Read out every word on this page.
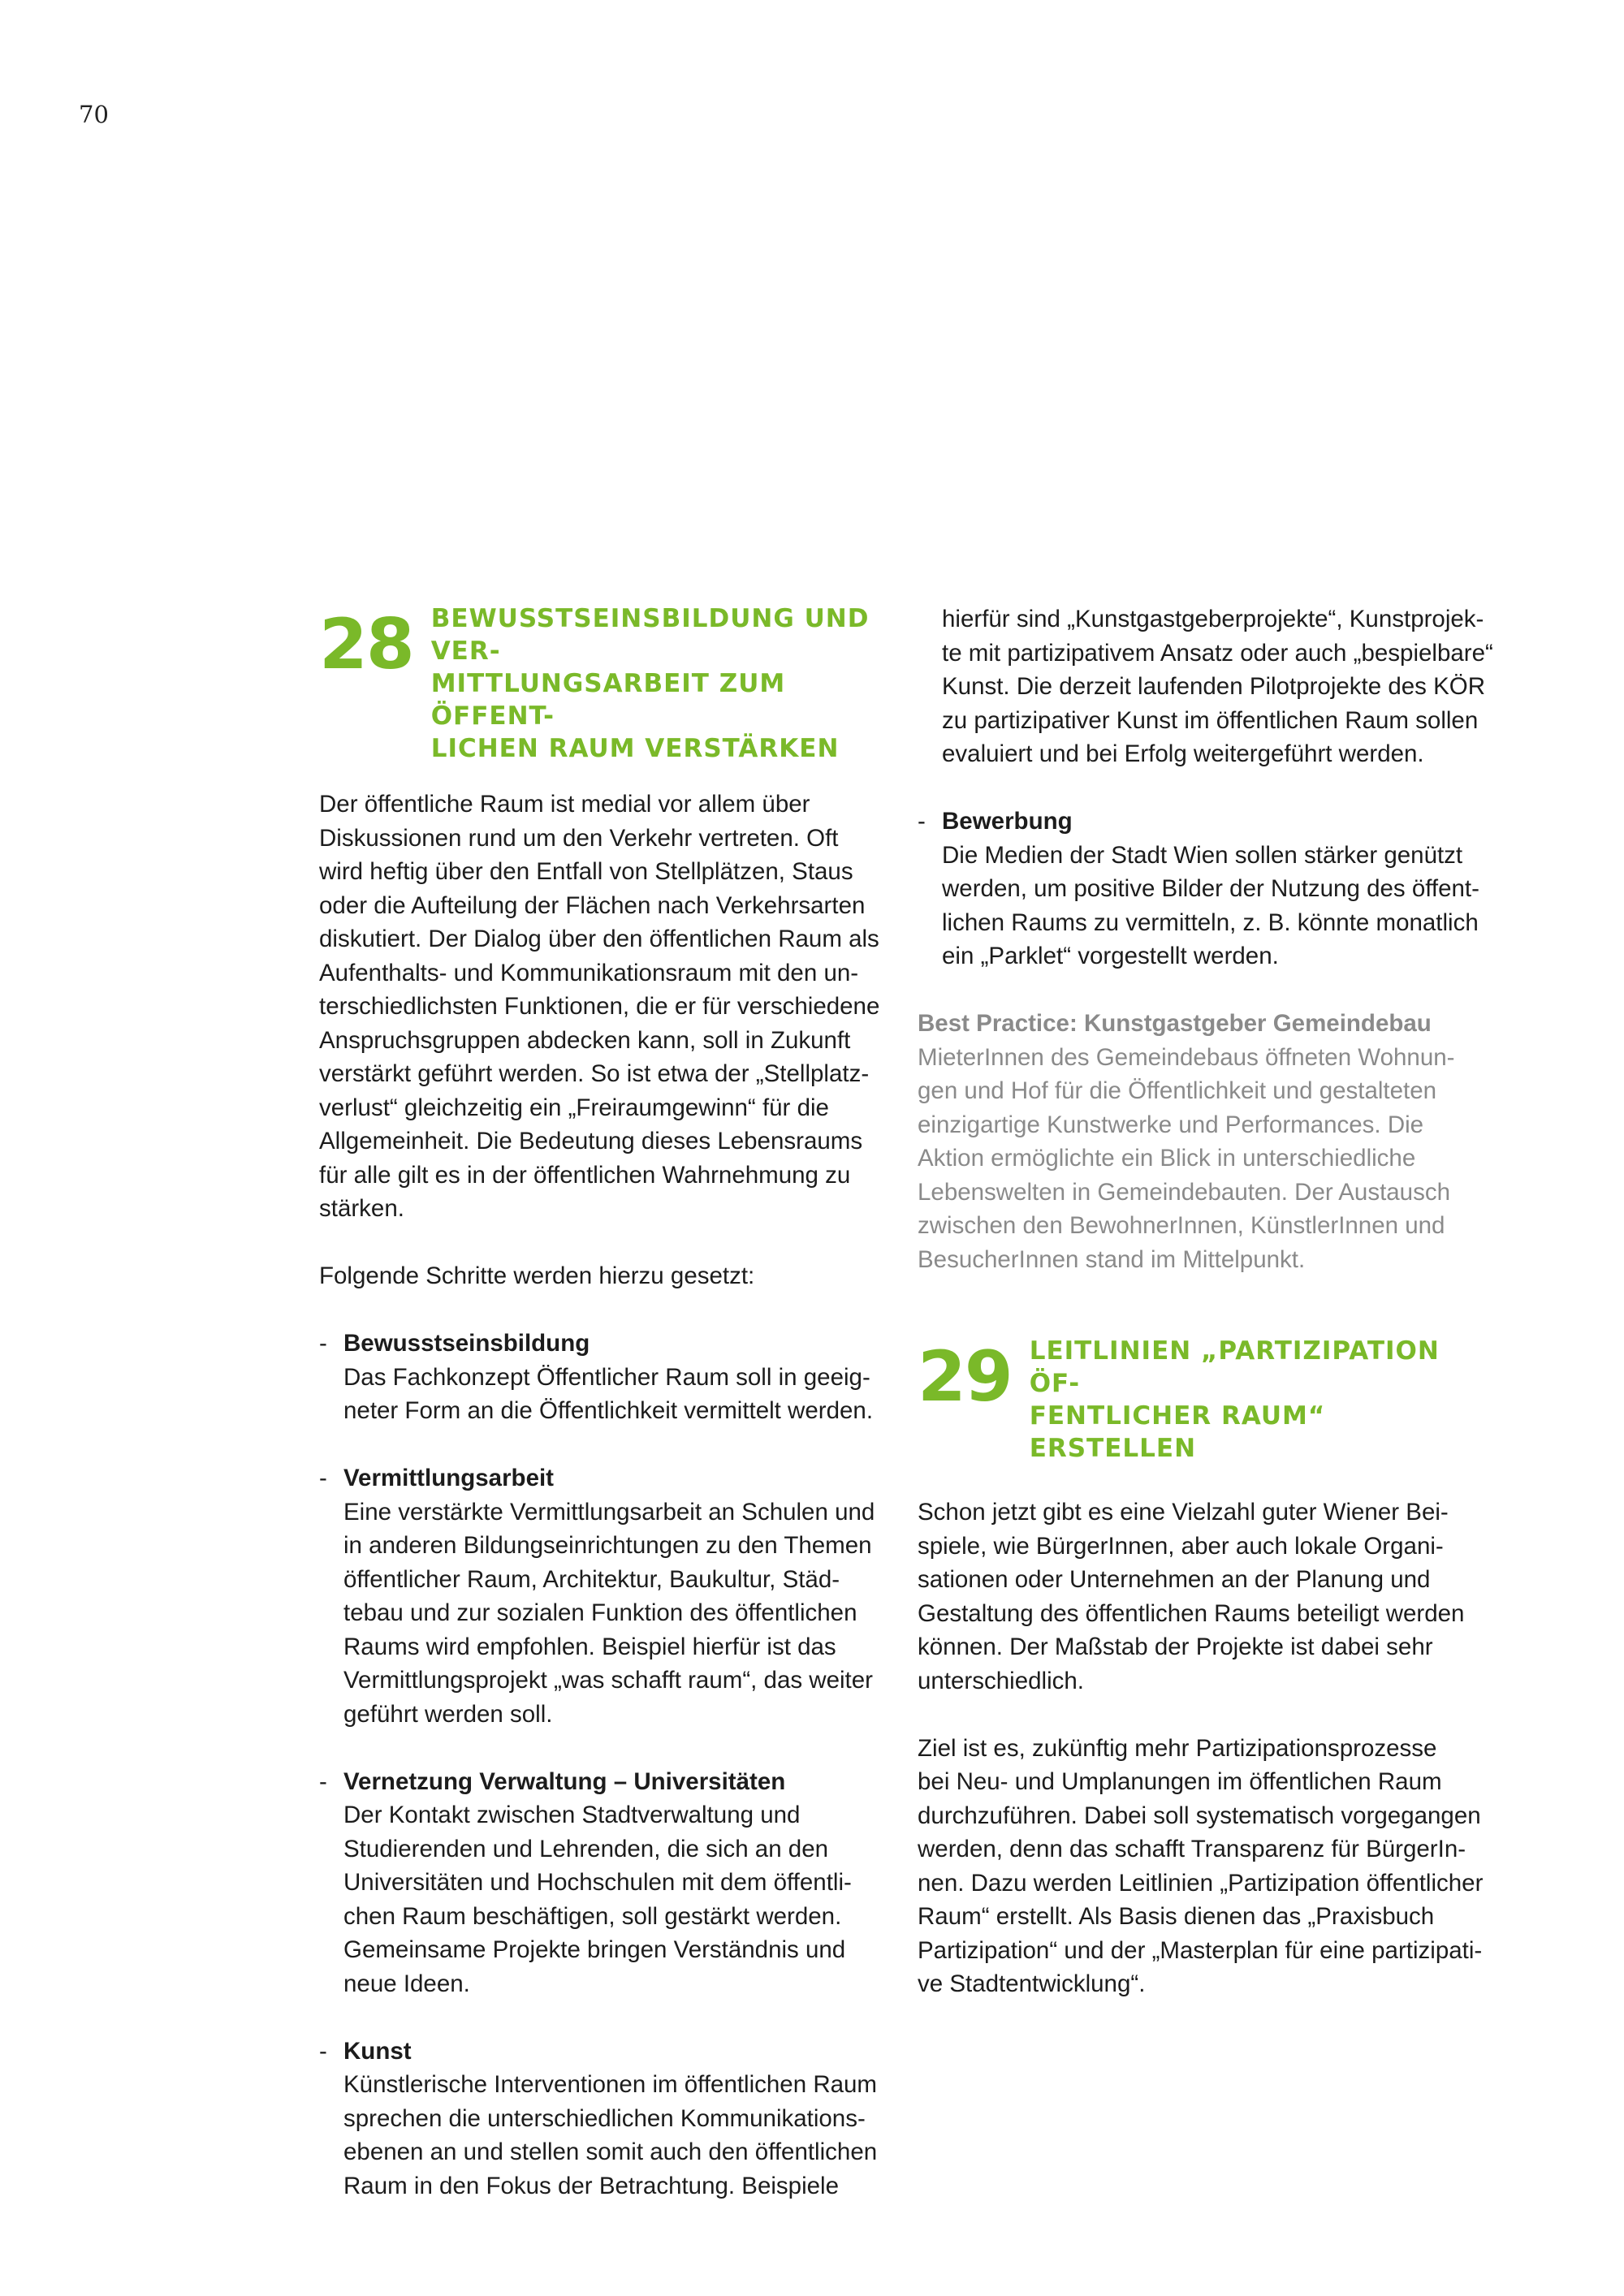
70
28 BEWUSSTSEINSBILDUNG UND VER-
MITTLUNGSARBEIT ZUM ÖFFENT-
LICHEN RAUM VERSTÄRKEN
Der öffentliche Raum ist medial vor allem über
Diskussionen rund um den Verkehr vertreten. Oft
wird heftig über den Entfall von Stellplätzen, Staus
oder die Aufteilung der Flächen nach Verkehrsarten
diskutiert. Der Dialog über den öffentlichen Raum als
Aufenthalts- und Kommunikationsraum mit den un-
terschiedlichsten Funktionen, die er für verschiedene
Anspruchsgruppen abdecken kann, soll in Zukunft
verstärkt geführt werden. So ist etwa der „Stellplatz-
verlust“ gleichzeitig ein „Freiraumgewinn“ für die
Allgemeinheit. Die Bedeutung dieses Lebensraums
für alle gilt es in der öffentlichen Wahrnehmung zu
stärken.
Folgende Schritte werden hierzu gesetzt:
- Bewusstseinsbildung
Das Fachkonzept Öffentlicher Raum soll in geeig-
neter Form an die Öffentlichkeit vermittelt werden.
- Vermittlungsarbeit
Eine verstärkte Vermittlungsarbeit an Schulen und
in anderen Bildungseinrichtungen zu den Themen
öffentlicher Raum, Architektur, Baukultur, Städ-
tebau und zur sozialen Funktion des öffentlichen
Raums wird empfohlen. Beispiel hierfür ist das
Vermittlungsprojekt „was schafft raum“, das weiter
geführt werden soll.
- Vernetzung Verwaltung – Universitäten
Der Kontakt zwischen Stadtverwaltung und
Studierenden und Lehrenden, die sich an den
Universitäten und Hochschulen mit dem öffentli-
chen Raum beschäftigen, soll gestärkt werden.
Gemeinsame Projekte bringen Verständnis und
neue Ideen.
- Kunst
Künstlerische Interventionen im öffentlichen Raum
sprechen die unterschiedlichen Kommunikations-
ebenen an und stellen somit auch den öffentlichen
Raum in den Fokus der Betrachtung. Beispiele
hierfür sind „Kunstgastgeberprojekte“, Kunstprojek-
te mit partizipativem Ansatz oder auch „bespielbare“
Kunst. Die derzeit laufenden Pilotprojekte des KÖR
zu partizipativer Kunst im öffentlichen Raum sollen
evaluiert und bei Erfolg weitergeführt werden.
- Bewerbung
Die Medien der Stadt Wien sollen stärker genützt
werden, um positive Bilder der Nutzung des öffent-
lichen Raums zu vermitteln, z. B. könnte monatlich
ein „Parklet“ vorgestellt werden.
Best Practice: Kunstgastgeber Gemeindebau
MieterInnen des Gemeindebaus öffneten Wohnun-
gen und Hof für die Öffentlichkeit und gestalteten
einzigartige Kunstwerke und Performances. Die
Aktion ermöglichte ein Blick in unterschiedliche
Lebenswelten in Gemeindebauten. Der Austausch
zwischen den BewohnerInnen, KünstlerInnen und
BesucherInnen stand im Mittelpunkt.
29 LEITLINIEN „PARTIZIPATION ÖF-
FENTLICHER RAUM“ ERSTELLEN
Schon jetzt gibt es eine Vielzahl guter Wiener Bei-
spiele, wie BürgerInnen, aber auch lokale Organi-
sationen oder Unternehmen an der Planung und
Gestaltung des öffentlichen Raums beteiligt werden
können. Der Maßstab der Projekte ist dabei sehr
unterschiedlich.
Ziel ist es, zukünftig mehr Partizipationsprozesse
bei Neu- und Umplanungen im öffentlichen Raum
durchzuführen. Dabei soll systematisch vorgegangen
werden, denn das schafft Transparenz für BürgerIn-
nen. Dazu werden Leitlinien „Partizipation öffentlicher
Raum“ erstellt. Als Basis dienen das „Praxisbuch
Partizipation“ und der „Masterplan für eine partizipati-
ve Stadtentwicklung“.
